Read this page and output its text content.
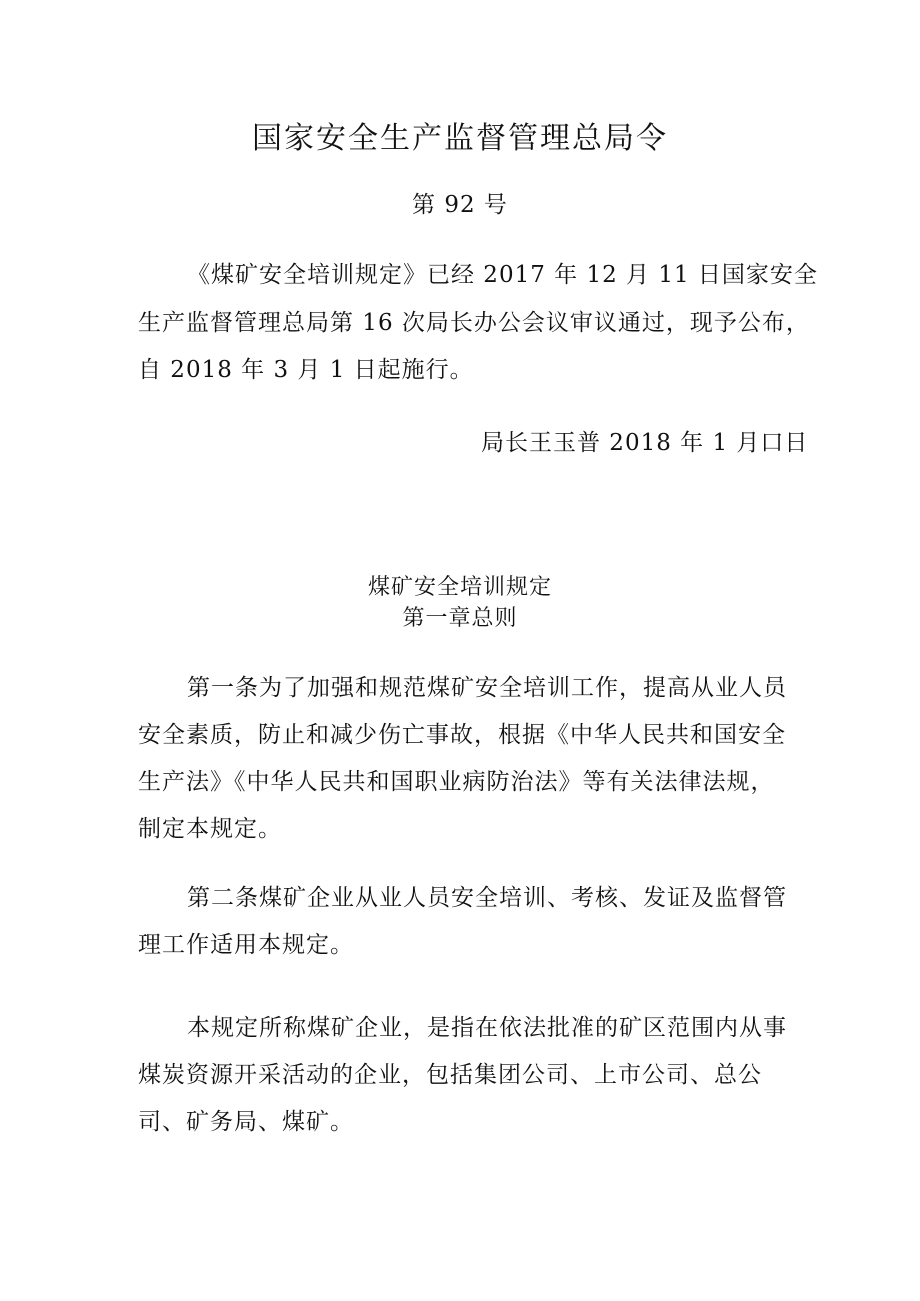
国家安全生产监督管理总局令
第 92 号
《煤矿安全培训规定》已经 2017 年 12 月 11 日国家安全
生产监督管理总局第 16 次局长办公会议审议通过，现予公布，
自 2018 年 3 月 1 日起施行。
局长王玉普 2018 年 1 月口日
煤矿安全培训规定
第一章总则
第一条为了加强和规范煤矿安全培训工作，提高从业人员
安全素质，防止和减少伤亡事故，根据《中华人民共和国安全
生产法》《中华人民共和国职业病防治法》等有关法律法规，
制定本规定。
第二条煤矿企业从业人员安全培训、考核、发证及监督管
理工作适用本规定。
本规定所称煤矿企业，是指在依法批准的矿区范围内从事
煤炭资源开采活动的企业，包括集团公司、上市公司、总公
司、矿务局、煤矿。
